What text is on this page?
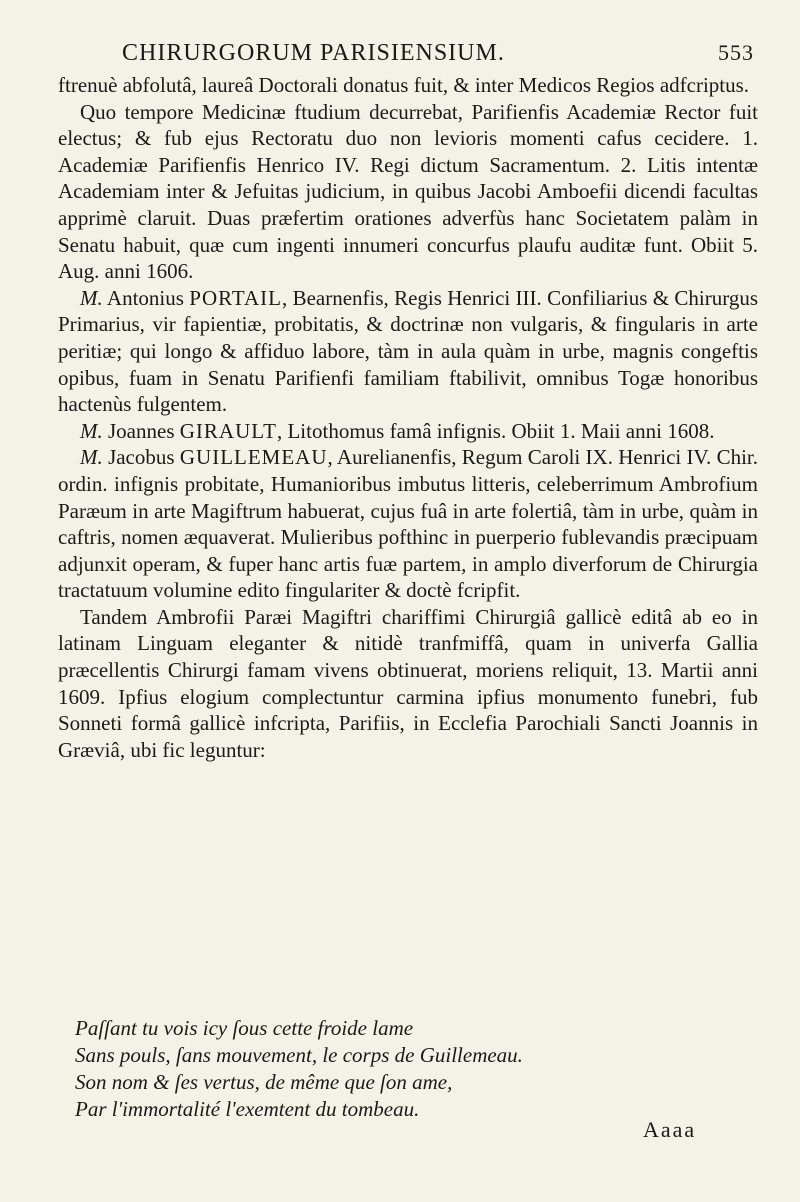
CHIRURGORUM PARISIENSIUM.	553

ftrenuè abfolutâ, laureâ Doctorali donatus fuit, & inter Medicos Regios adfcriptus.

Quo tempore Medicinæ ftudium decurrebat, Parifienfis Academiæ Rector fuit electus; & fub ejus Rectoratu duo non levioris momenti cafus cecidere. 1. Academiæ Parifienfis Henrico IV. Regi dictum Sacramentum. 2. Litis intentæ Academiam inter & Jefuitas judicium, in quibus Jacobi Amboefii dicendi facultas apprimè claruit. Duas præfertim orationes adverfùs hanc Societatem palàm in Senatu habuit, quæ cum ingenti innumeri concurfus plaufu auditæ funt. Obiit 5. Aug. anni 1606.

M. Antonius PORTAIL, Bearnenfis, Regis Henrici III. Confiliarius & Chirurgus Primarius, vir fapientiæ, probitatis, & doctrinæ non vulgaris, & fingularis in arte peritiæ; qui longo & affiduo labore, tàm in aula quàm in urbe, magnis congeftis opibus, fuam in Senatu Parifienfi familiam ftabilivit, omnibus Togæ honoribus hactenùs fulgentem.

M. Joannes GIRAULT, Litothomus famâ infignis. Obiit 1. Maii anni 1608.

M. Jacobus GUILLEMEAU, Aurelianenfis, Regum Caroli IX. Henrici IV. Chir. ordin. infignis probitate, Humanioribus imbutus litteris, celeberrimum Ambrofium Paræum in arte Magiftrum habuerat, cujus fuâ in arte folertiâ, tàm in urbe, quàm in caftris, nomen æquaverat. Mulieribus pofthinc in puerperio fublevandis præcipuam adjunxit operam, & fuper hanc artis fuæ partem, in amplo diverforum de Chirurgia tractatuum volumine edito fingulariter & doctè fcripfit.

Tandem Ambrofii Paræi Magiftri chariffimi Chirurgiâ gallicè editâ ab eo in latinam Linguam eleganter & nitidè tranfmiffâ, quam in univerfa Gallia præcellentis Chirurgi famam vivens obtinuerat, moriens reliquit, 13. Martii anni 1609. Ipfius elogium complectuntur carmina ipfius monumento funebri, fub Sonneti formâ gallicè infcripta, Parifiis, in Ecclefia Parochiali Sancti Joannis in Græviâ, ubi fic leguntur:

Paſſant tu vois icy ſous cette froide lame
Sans pouls, ſans mouvement, le corps de Guillemeau.
Son nom & ſes vertus, de même que ſon ame,
Par l'immortalité l'exemtent du tombeau.
Aaaa
